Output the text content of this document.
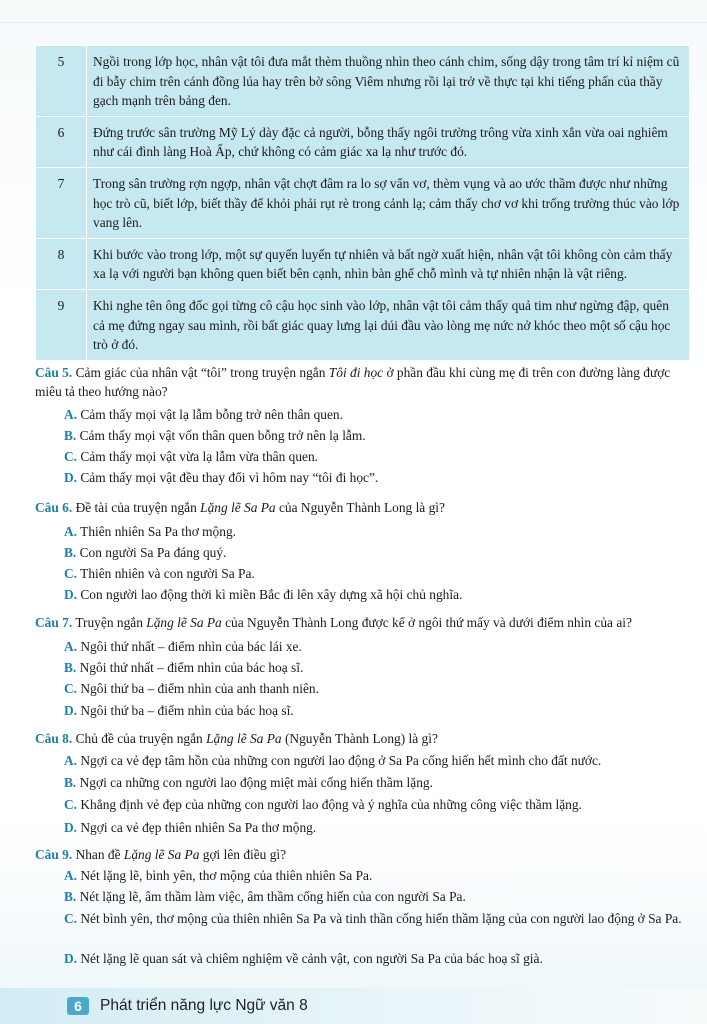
5	Ngồi trong lớp học, nhân vật tôi đưa mắt thèm thuồng nhìn theo cánh chim, sống dậy trong tâm trí kỉ niệm cũ đi bẫy chim trên cánh đồng lúa hay trên bờ sông Viêm nhưng rồi lại trở về thực tại khi tiếng phấn của thầy gạch mạnh trên bảng đen.
6	Đứng trước sân trường Mỹ Lý dày đặc cả người, bỗng thấy ngôi trường trông vừa xinh xắn vừa oai nghiêm như cái đình làng Hoà Ấp, chứ không có cảm giác xa lạ như trước đó.
7	Trong sân trường rợn ngợp, nhân vật chợt đâm ra lo sợ vẩn vơ, thèm vụng và ao ước thầm được như những học trò cũ, biết lớp, biết thầy để khỏi phải rụt rè trong cảnh lạ; cảm thấy chơ vơ khi trống trường thúc vào lớp vang lên.
8	Khi bước vào trong lớp, một sự quyến luyến tự nhiên và bất ngờ xuất hiện, nhân vật tôi không còn cảm thấy xa lạ với người bạn không quen biết bên cạnh, nhìn bàn ghế chỗ mình và tự nhiên nhận là vật riêng.
9	Khi nghe tên ông đốc gọi từng cô cậu học sinh vào lớp, nhân vật tôi cảm thấy quả tim như ngừng đập, quên cả mẹ đứng ngay sau mình, rồi bất giác quay lưng lại dúi đầu vào lòng mẹ nức nở khóc theo một số cậu học trò ở đó.
Câu 5. Cảm giác của nhân vật “tôi” trong truyện ngắn Tôi đi học ở phần đầu khi cùng mẹ đi trên con đường làng được miêu tả theo hướng nào?
A. Cảm thấy mọi vật lạ lẫm bỗng trở nên thân quen.
B. Cảm thấy mọi vật vốn thân quen bỗng trở nên lạ lẫm.
C. Cảm thấy mọi vật vừa lạ lẫm vừa thân quen.
D. Cảm thấy mọi vật đều thay đổi vì hôm nay “tôi đi học”.
Câu 6. Đề tài của truyện ngắn Lặng lẽ Sa Pa của Nguyễn Thành Long là gì?
A. Thiên nhiên Sa Pa thơ mộng.
B. Con người Sa Pa đáng quý.
C. Thiên nhiên và con người Sa Pa.
D. Con người lao động thời kì miền Bắc đi lên xây dựng xã hội chủ nghĩa.
Câu 7. Truyện ngắn Lặng lẽ Sa Pa của Nguyễn Thành Long được kể ở ngôi thứ mấy và dưới điểm nhìn của ai?
A. Ngôi thứ nhất – điểm nhìn của bác lái xe.
B. Ngôi thứ nhất – điểm nhìn của bác hoạ sĩ.
C. Ngôi thứ ba – điểm nhìn của anh thanh niên.
D. Ngôi thứ ba – điểm nhìn của bác hoạ sĩ.
Câu 8. Chủ đề của truyện ngắn Lặng lẽ Sa Pa (Nguyễn Thành Long) là gì?
A. Ngợi ca vẻ đẹp tâm hồn của những con người lao động ở Sa Pa cống hiến hết mình cho đất nước.
B. Ngợi ca những con người lao động miệt mài cống hiến thầm lặng.
C. Khẳng định vẻ đẹp của những con người lao động và ý nghĩa của những công việc thầm lặng.
D. Ngợi ca vẻ đẹp thiên nhiên Sa Pa thơ mộng.
Câu 9. Nhan đề Lặng lẽ Sa Pa gợi lên điều gì?
A. Nét lặng lẽ, bình yên, thơ mộng của thiên nhiên Sa Pa.
B. Nét lặng lẽ, âm thầm làm việc, âm thầm cống hiến của con người Sa Pa.
C. Nét bình yên, thơ mộng của thiên nhiên Sa Pa và tinh thần cống hiến thầm lặng của con người lao động ở Sa Pa.
D. Nét lặng lẽ quan sát và chiêm nghiệm về cảnh vật, con người Sa Pa của bác hoạ sĩ già.
6	Phát triển năng lực Ngữ văn 8
